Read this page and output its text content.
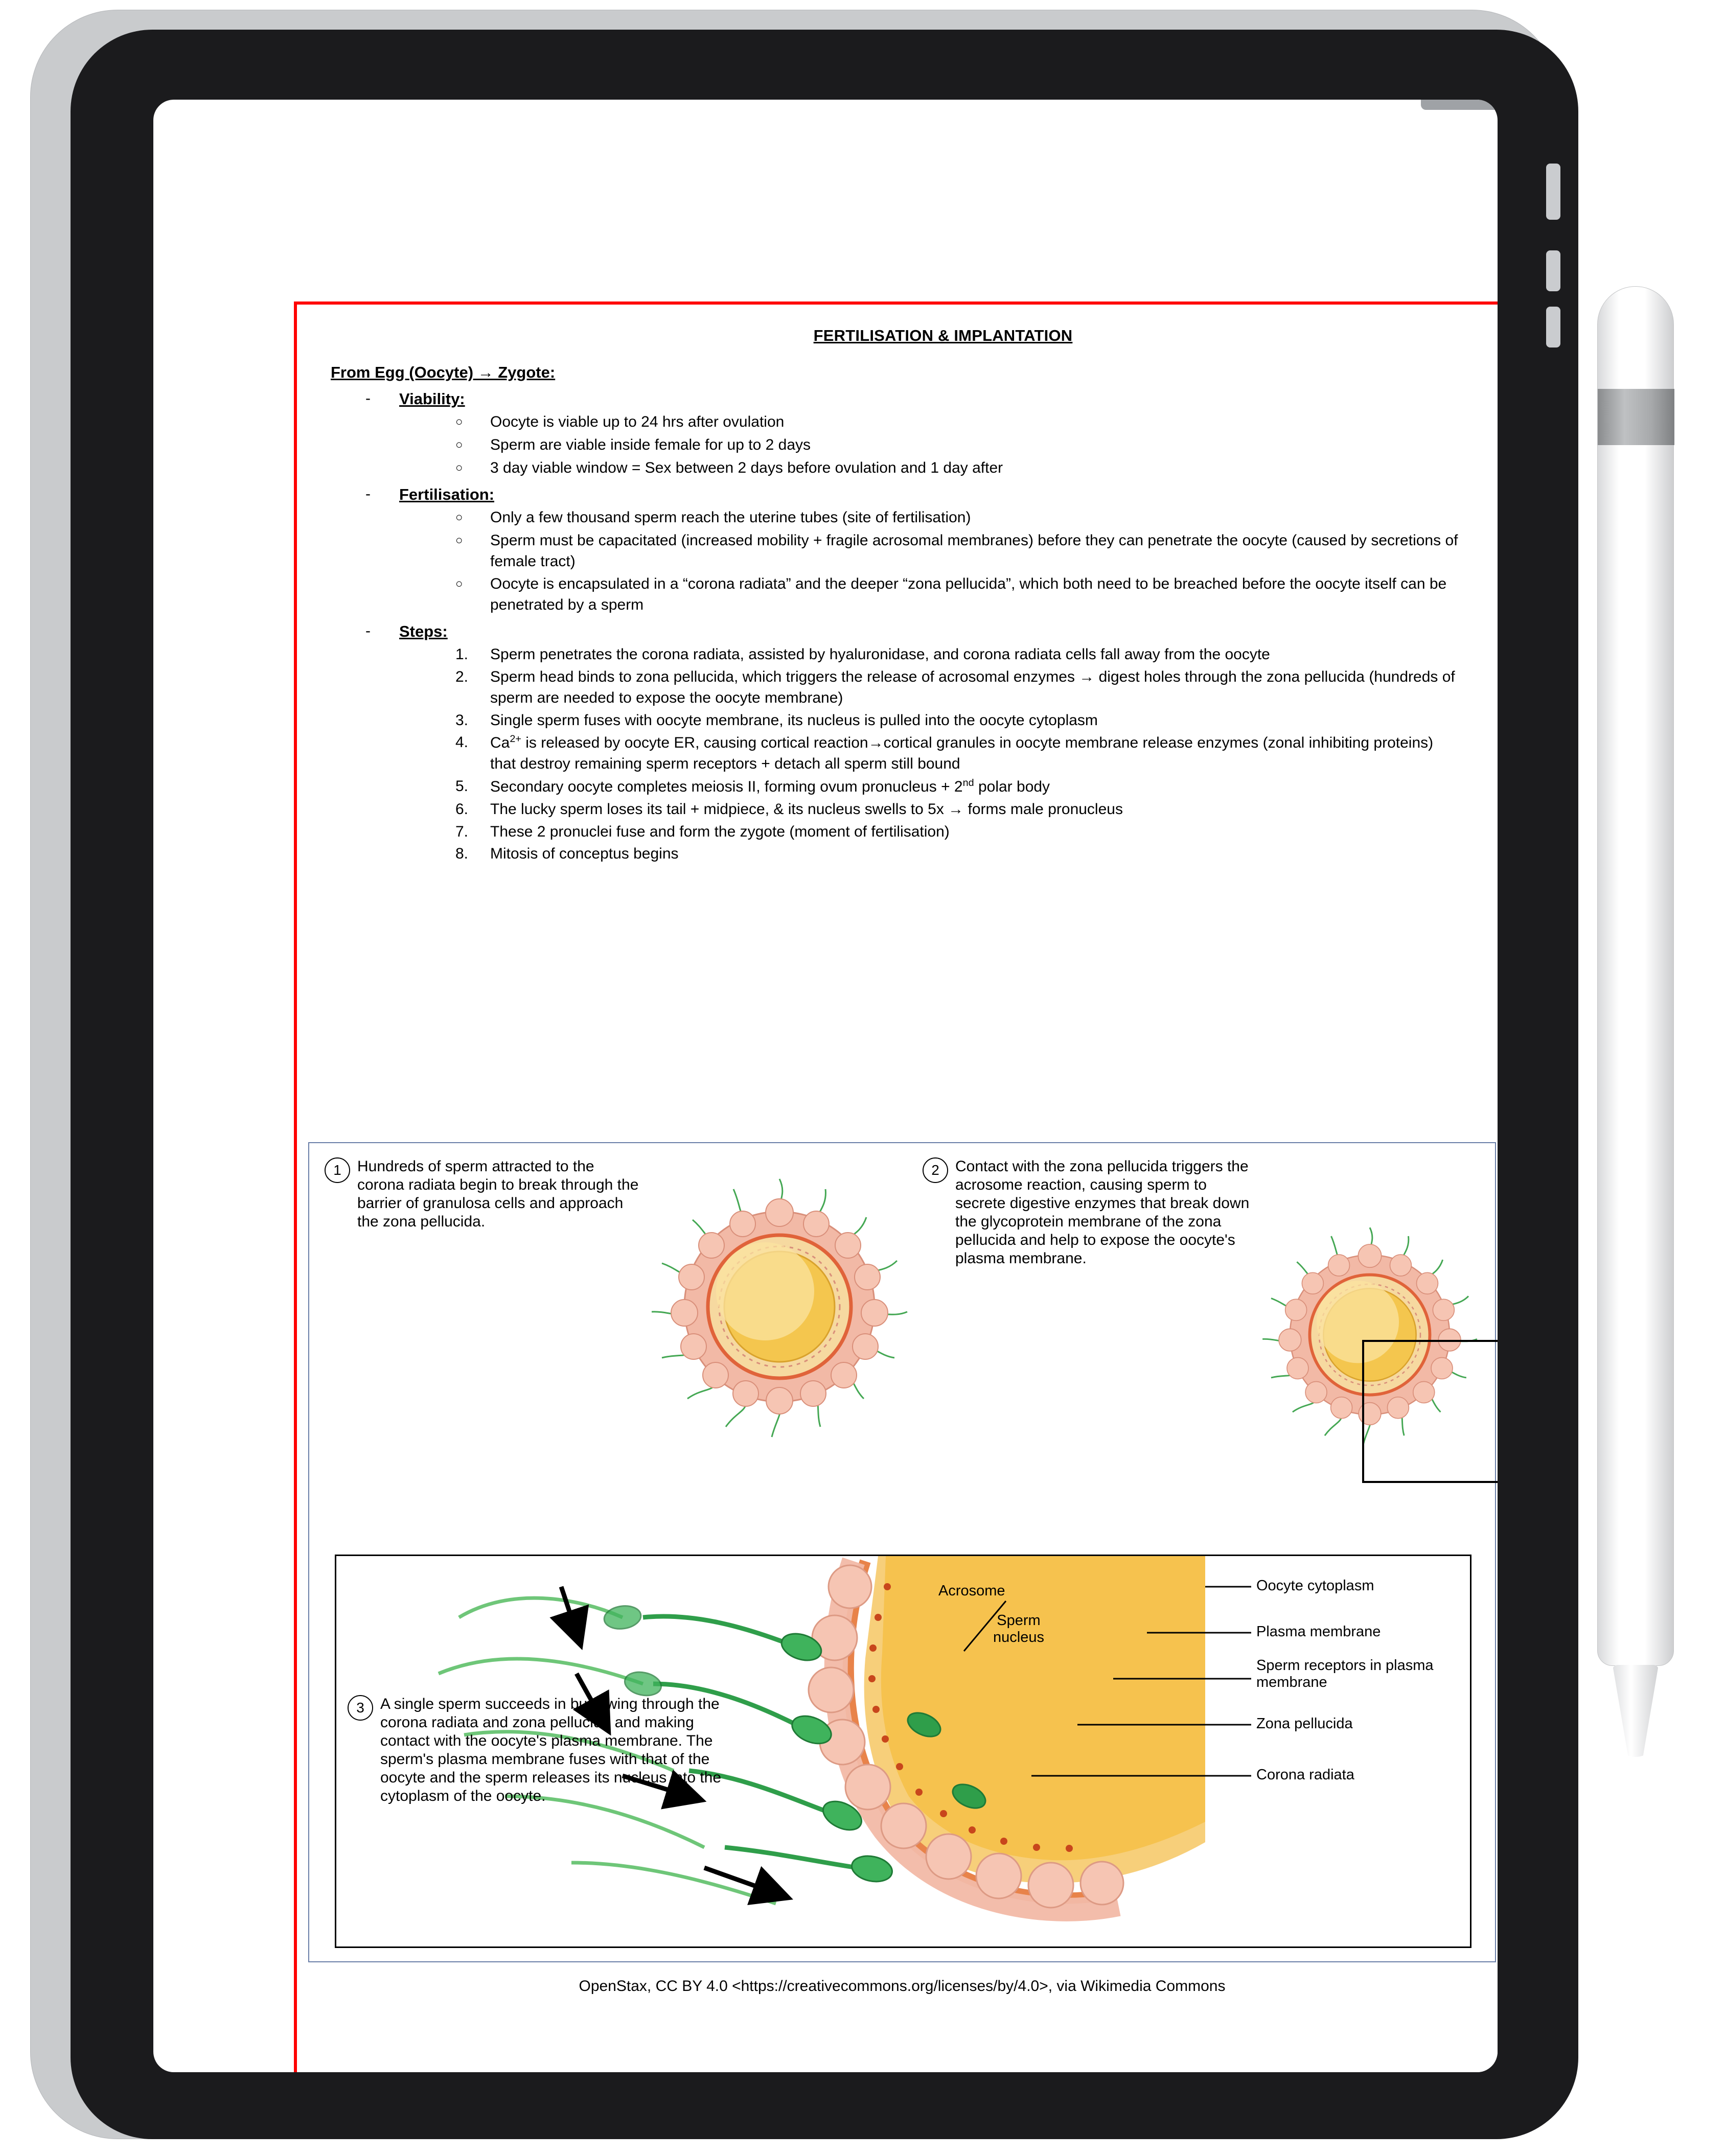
FERTILISATION & IMPLANTATION
From Egg (Oocyte) → Zygote:
-	Viability:
○	Oocyte is viable up to 24 hrs after ovulation
○	Sperm are viable inside female for up to 2 days
○	3 day viable window = Sex between 2 days before ovulation and 1 day after
-	Fertilisation:
○	Only a few thousand sperm reach the uterine tubes (site of fertilisation)
○	Sperm must be capacitated (increased mobility + fragile acrosomal membranes) before they can penetrate the oocyte (caused by secretions of female tract)
○	Oocyte is encapsulated in a “corona radiata” and the deeper “zona pellucida”, which both need to be breached before the oocyte itself can be penetrated by a sperm
-	Steps:
1.	Sperm penetrates the corona radiata, assisted by hyaluronidase, and corona radiata cells fall away from the oocyte
2.	Sperm head binds to zona pellucida, which triggers the release of acrosomal enzymes → digest holes through the zona pellucida (hundreds of sperm are needed to expose the oocyte membrane)
3.	Single sperm fuses with oocyte membrane, its nucleus is pulled into the oocyte cytoplasm
4.	$Ca^{2+}$ is released by oocyte ER, causing cortical reaction→cortical granules in oocyte membrane release enzymes (zonal inhibiting proteins) that destroy remaining sperm receptors + detach all sperm still bound
5.	Secondary oocyte completes meiosis II, forming ovum pronucleus + 2nd polar body
6.	The lucky sperm loses its tail + midpiece, & its nucleus swells to 5x → forms male pronucleus
7.	These 2 pronuclei fuse and form the zygote (moment of fertilisation)
8.	Mitosis of conceptus begins
1	Hundreds of sperm attracted to the corona radiata begin to break through the barrier of granulosa cells and approach the zona pellucida.
2	Contact with the zona pellucida triggers the acrosome reaction, causing sperm to secrete digestive enzymes that break down the glycoprotein membrane of the zona pellucida and help to expose the oocyte's plasma membrane.
Acrosome
Sperm nucleus
Oocyte cytoplasm
Plasma membrane
Sperm receptors in plasma membrane
Zona pellucida
Corona radiata
3	A single sperm succeeds in burrowing through the corona radiata and zona pellucida and making contact with the oocyte's plasma membrane. The sperm's plasma membrane fuses with that of the oocyte and the sperm releases its nucleus into the cytoplasm of the oocyte.
OpenStax, CC BY 4.0 <https://creativecommons.org/licenses/by/4.0>, via Wikimedia Commons
